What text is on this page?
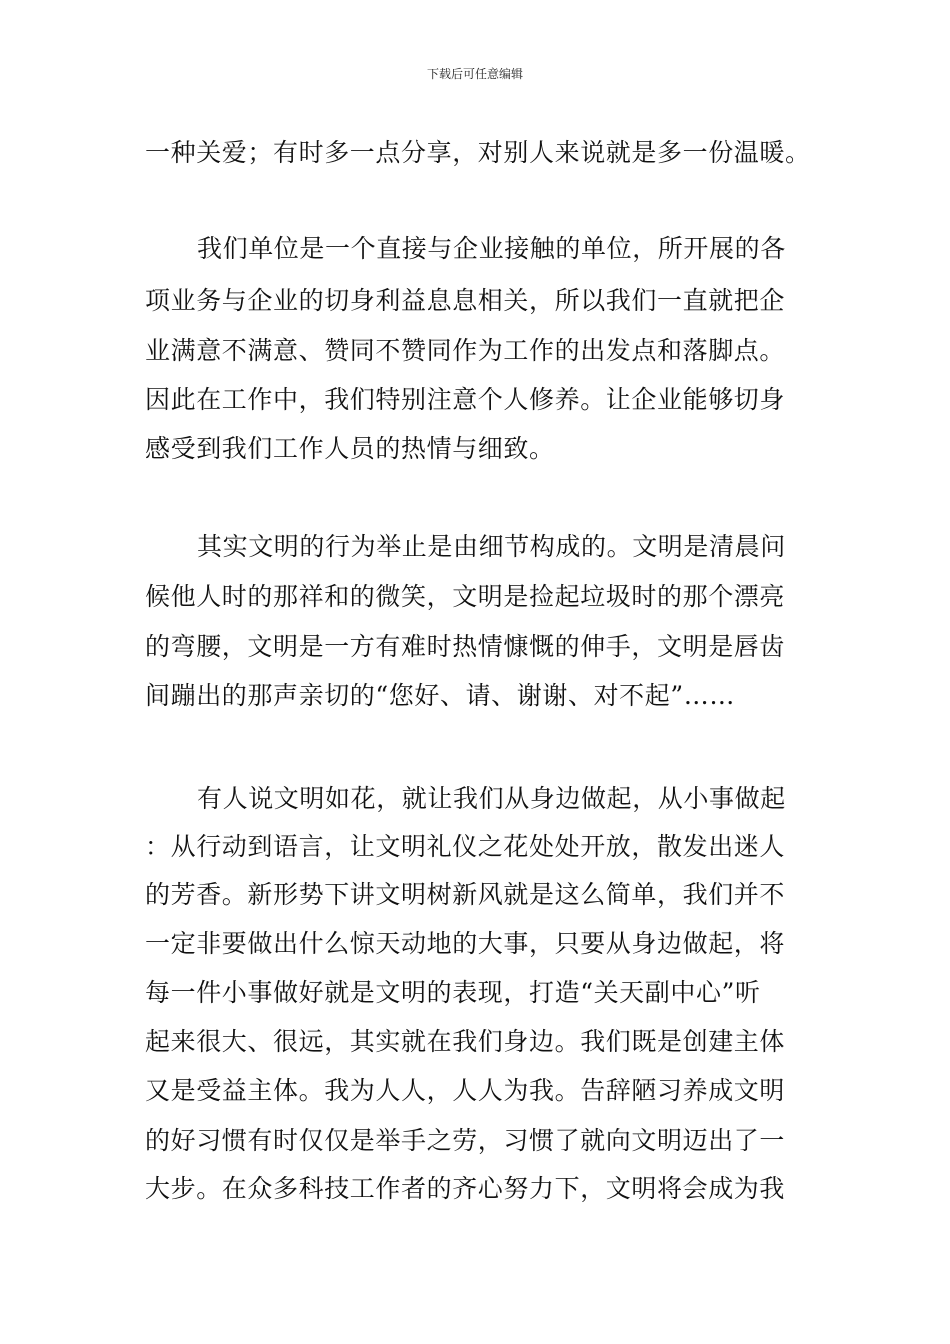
下载后可任意编辑
一种关爱；有时多一点分享，对别人来说就是多一份温暖。
我们单位是一个直接与企业接触的单位，所开展的各
项业务与企业的切身利益息息相关，所以我们一直就把企
业满意不满意、赞同不赞同作为工作的出发点和落脚点。
因此在工作中，我们特别注意个人修养。让企业能够切身
感受到我们工作人员的热情与细致。
其实文明的行为举止是由细节构成的。文明是清晨问
候他人时的那祥和的微笑，文明是捡起垃圾时的那个漂亮
的弯腰，文明是一方有难时热情慷慨的伸手，文明是唇齿
间蹦出的那声亲切的“您好、请、谢谢、对不起”……
有人说文明如花，就让我们从身边做起，从小事做起
：从行动到语言，让文明礼仪之花处处开放，散发出迷人
的芳香。新形势下讲文明树新风就是这么简单，我们并不
一定非要做出什么惊天动地的大事，只要从身边做起，将
每一件小事做好就是文明的表现，打造“关天副中心”听
起来很大、很远，其实就在我们身边。我们既是创建主体
又是受益主体。我为人人，人人为我。告辞陋习养成文明
的好习惯有时仅仅是举手之劳，习惯了就向文明迈出了一
大步。在众多科技工作者的齐心努力下，文明将会成为我
